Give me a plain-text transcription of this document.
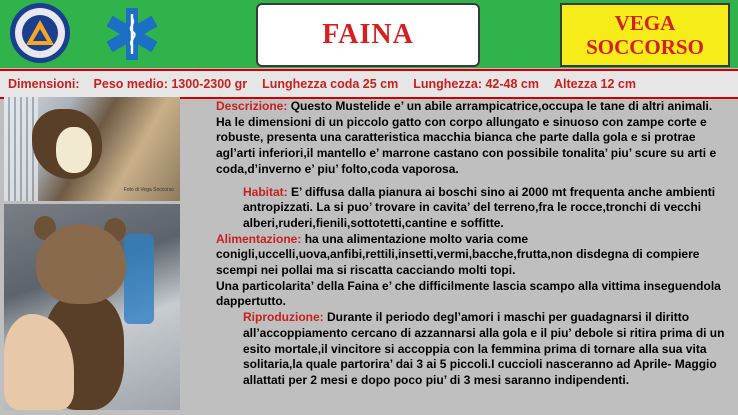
FAINA	VEGA
SOCCORSO
Dimensioni: Peso medio: 1300-2300 gr Lunghezza coda 25 cm Lunghezza: 42-48 cm Altezza 12 cm
Foto di Vega Soccorso

Descrizione: Questo Mustelide e’ un abile arrampicatrice,occupa le tane di altri animali. Ha le dimensioni di un piccolo gatto con corpo allungato e sinuoso con zampe corte e robuste, presenta una caratteristica macchia bianca che parte dalla gola e si protrae agl’arti inferiori,il mantello e’ marrone castano con possibile tonalita’ piu’ scure su arti e coda,d’inverno e’ piu’ folto,coda vaporosa.

Habitat: E’ diffusa dalla pianura ai boschi sino ai 2000 mt frequenta anche ambienti antropizzati. La si puo’ trovare in cavita’ del terreno,fra le rocce,tronchi di vecchi alberi,ruderi,fienili,sottotetti,cantine e soffitte.

Alimentazione: ha una alimentazione molto varia come conigli,uccelli,uova,anfibi,rettili,insetti,vermi,bacche,frutta,non disdegna di compiere scempi nei pollai ma si riscatta cacciando molti topi.

Una particolarita’ della Faina e’ che difficilmente lascia scampo alla vittima inseguendola dappertutto.

Riproduzione: Durante il periodo degl’amori i maschi per guadagnarsi il diritto all’accoppiamento cercano di azzannarsi alla gola e il piu’ debole si ritira prima di un esito mortale,il vincitore si accoppia con la femmina prima di tornare alla sua vita solitaria,la quale partorira’ dai 3 ai 5 piccoli.I cuccioli nasceranno ad Aprile- Maggio allattati per 2 mesi e dopo poco piu’ di 3 mesi saranno indipendenti.
